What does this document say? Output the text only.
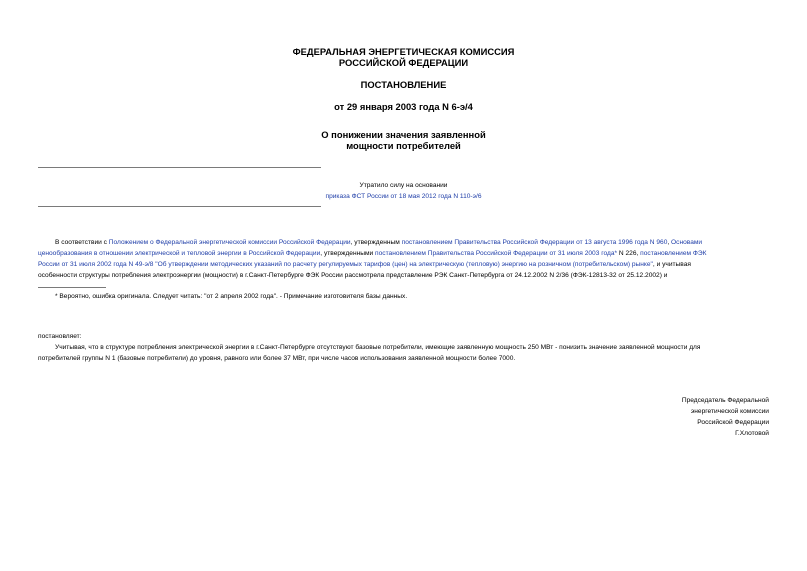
ФЕДЕРАЛЬНАЯ ЭНЕРГЕТИЧЕСКАЯ КОМИССИЯ
РОССИЙСКОЙ ФЕДЕРАЦИИ
ПОСТАНОВЛЕНИЕ
от 29 января 2003 года N 6-э/4
О понижении значения заявленной
мощности потребителей
Утратило силу на основании
приказа ФСТ России от 18 мая 2012 года N 110-э/6
В соответствии с Положением о Федеральной энергетической комиссии Российской Федерации, утвержденным постановлением Правительства Российской Федерации от 13 августа 1996 года N 960, Основами
ценообразования в отношении электрической и тепловой энергии в Российской Федерации, утвержденными постановлением Правительства Российской Федерации от 31 июля 2003 года* N 226, постановлением ФЭК
России от 31 июля 2002 года N 49-э/8 "Об утверждении методических указаний по расчету регулируемых тарифов (цен) на электрическую (тепловую) энергию на розничном (потребительском) рынке", и учитывая
особенности структуры потребления электроэнергии (мощности) в г.Санкт-Петербурге ФЭК России рассмотрела представление РЭК Санкт-Петербурга от 24.12.2002 N 2/36 (ФЭК-12813-32 от 25.12.2002) и
* Вероятно, ошибка оригинала. Следует читать: "от 2 апреля 2002 года". - Примечание изготовителя базы данных.
постановляет:
Учитывая, что в структуре потребления электрической энергии в г.Санкт-Петербурге отсутствуют базовые потребители, имеющие заявленную мощность 250 МВт - понизить значение заявленной мощности для
потребителей группы N 1 (базовые потребители) до уровня, равного или более 37 МВт, при числе часов использования заявленной мощности более 7000.
Председатель Федеральной
энергетической комиссии
Российской Федерации
Г.Хлотовой
